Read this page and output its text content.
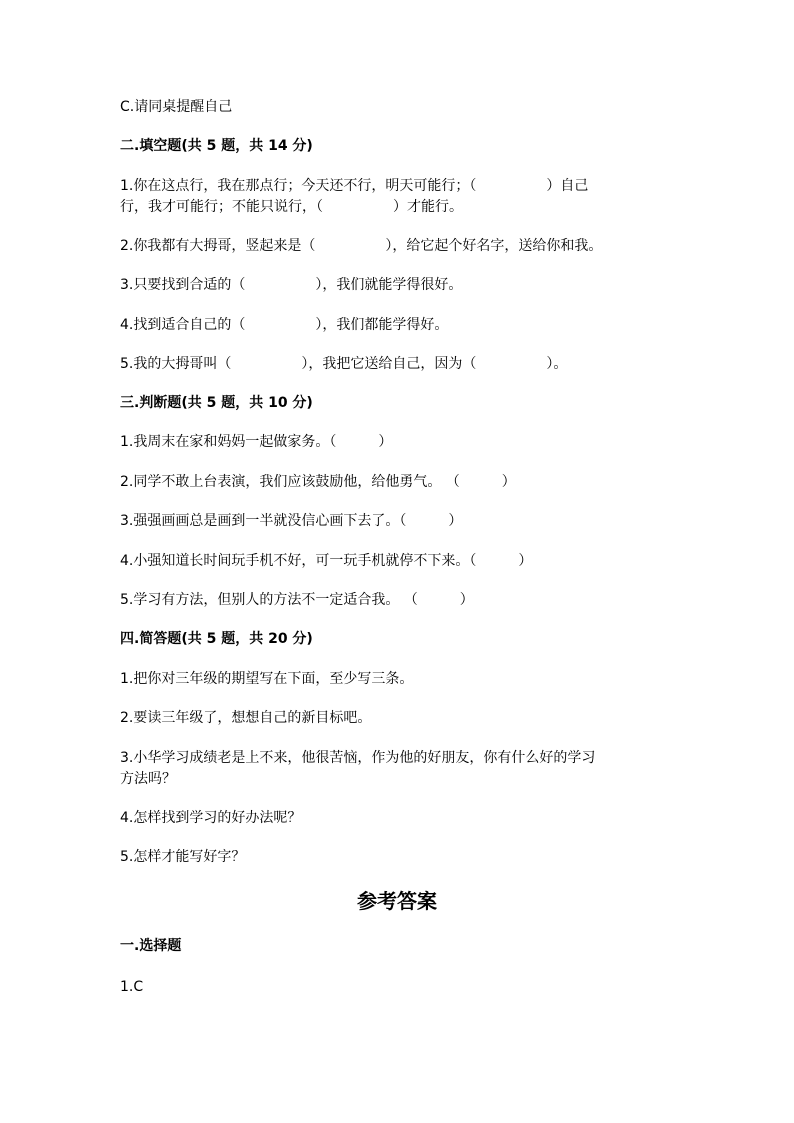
C.请同桌提醒自己
二.填空题(共 5 题，共 14 分)
1.你在这点行，我在那点行；今天还不行，明天可能行；（　　　　　）自己
行，我才可能行；不能只说行，（　　　　　）才能行。
2.你我都有大拇哥，竖起来是（　　　　　），给它起个好名字，送给你和我。
3.只要找到合适的（　　　　　），我们就能学得很好。
4.找到适合自己的（　　　　　），我们都能学得好。
5.我的大拇哥叫（　　　　　），我把它送给自己，因为（　　　　　）。
三.判断题(共 5 题，共 10 分)
1.我周末在家和妈妈一起做家务。（　　　）
2.同学不敢上台表演，我们应该鼓励他，给他勇气。 （　　　）
3.强强画画总是画到一半就没信心画下去了。（　　　）
4.小强知道长时间玩手机不好，可一玩手机就停不下来。（　　　）
5.学习有方法，但别人的方法不一定适合我。 （　　　）
四.简答题(共 5 题，共 20 分)
1.把你对三年级的期望写在下面，至少写三条。
2.要读三年级了，想想自己的新目标吧。
3.小华学习成绩老是上不来，他很苦恼，作为他的好朋友，你有什么好的学习
方法吗？
4.怎样找到学习的好办法呢？
5.怎样才能写好字？
参考答案
一.选择题
1.C
